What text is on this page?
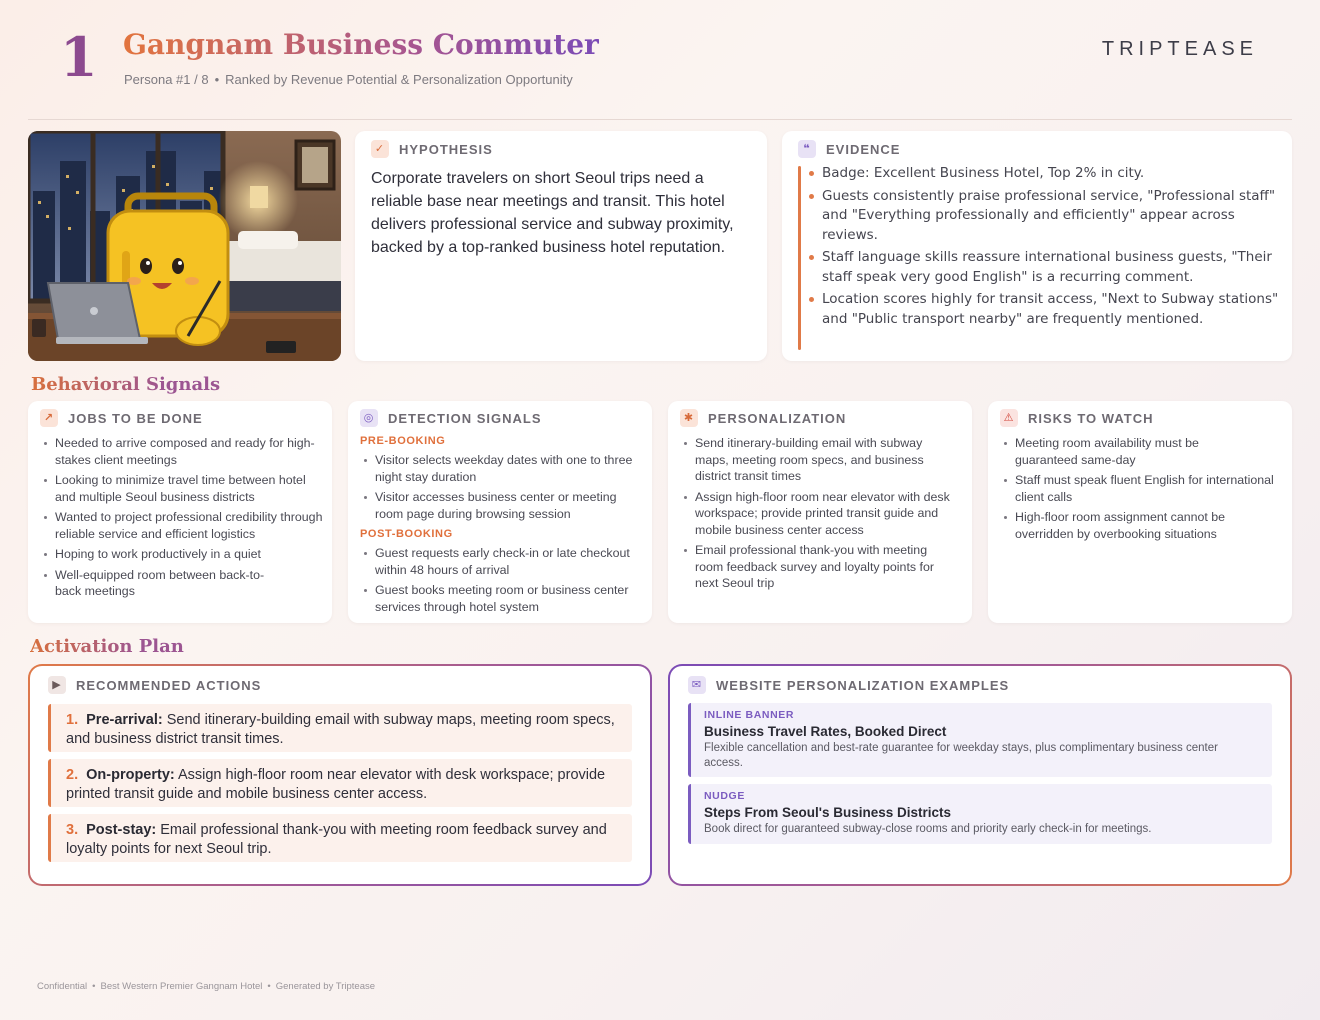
1 Gangnam Business Commuter
Persona #1 / 8 • Ranked by Revenue Potential & Personalization Opportunity
TRIPTEASE
✓ HYPOTHESIS
Corporate travelers on short Seoul trips need a reliable base near meetings and transit. This hotel delivers professional service and subway proximity, backed by a top-ranked business hotel reputation.
❝	EVIDENCE
Badge: Excellent Business Hotel, Top 2% in city.
Guests consistently praise professional service, "Professional staff" and "Everything professionally and efficiently" appear across reviews.
Staff language skills reassure international business guests, "Their staff speak very good English" is a recurring comment.
Location scores highly for transit access, "Next to Subway stations" and "Public transport nearby" are frequently mentioned.
Behavioral Signals
↗ JOBS TO BE DONE
Needed to arrive composed and ready for high-stakes client meetings
Looking to minimize travel time between hotel and multiple Seoul business districts
Wanted to project professional credibility through reliable service and efficient logistics
Hoping to work productively in a quiet
Well-equipped room between back-to-back meetings
◎ DETECTION SIGNALS
PRE-BOOKING
Visitor selects weekday dates with one to three night stay duration
Visitor accesses business center or meeting room page during browsing session
POST-BOOKING
Guest requests early check-in or late checkout within 48 hours of arrival
Guest books meeting room or business center services through hotel system
✱ PERSONALIZATION
Send itinerary-building email with subway maps, meeting room specs, and business district transit times
Assign high-floor room near elevator with desk workspace; provide printed transit guide and mobile business center access
Email professional thank-you with meeting room feedback survey and loyalty points for next Seoul trip
⚠ RISKS TO WATCH
Meeting room availability must be guaranteed same-day
Staff must speak fluent English for international client calls
High-floor room assignment cannot be overridden by overbooking situations
Activation Plan
▶	RECOMMENDED ACTIONS
1. Pre-arrival: Send itinerary-building email with subway maps, meeting room specs, and business district transit times.
2. On-property: Assign high-floor room near elevator with desk workspace; provide printed transit guide and mobile business center access.
3. Post-stay: Email professional thank-you with meeting room feedback survey and loyalty points for next Seoul trip.
✉ WEBSITE PERSONALIZATION EXAMPLES
INLINE BANNER
Business Travel Rates, Booked Direct
Flexible cancellation and best-rate guarantee for weekday stays, plus complimentary business center access.
NUDGE
Steps From Seoul's Business Districts
Book direct for guaranteed subway-close rooms and priority early check-in for meetings.
Confidential • Best Western Premier Gangnam Hotel • Generated by Triptease
